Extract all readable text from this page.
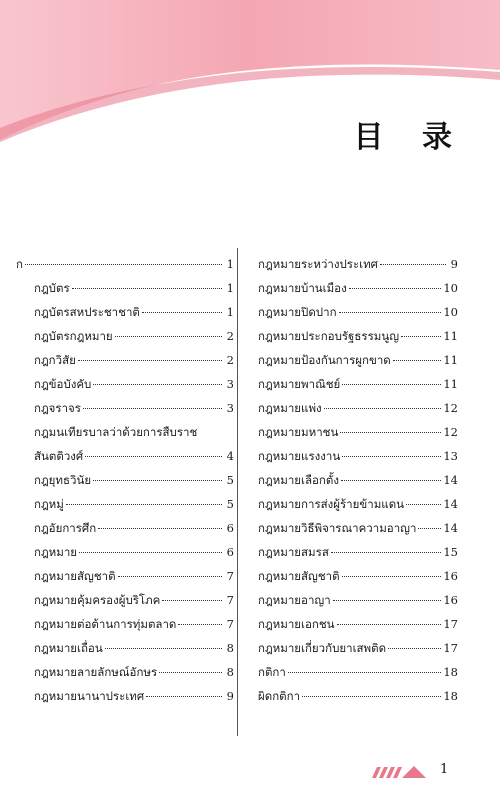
目 录
ก	1
กฎบัตร	1
กฎบัตรสหประชาชาติ	1
กฎบัตรกฎหมาย	2
กฎกวิสัย	2
กฎข้อบังคับ	3
กฎจราจร	3
กฎมนเทียรบาลว่าด้วยการสืบราช
สันตติวงศ์	4
กฎยุทธวินัย	5
กฎหมู่	5
กฎอัยการศึก	6
กฎหมาย	6
กฎหมายสัญชาติ	7
กฎหมายคุ้มครองผู้บริโภค	7
กฎหมายต่อต้านการทุ่มตลาด	7
กฎหมายเถื่อน	8
กฎหมายลายลักษณ์อักษร	8
กฎหมายนานาประเทศ	9
กฎหมายระหว่างประเทศ	9
กฎหมายบ้านเมือง	10
กฎหมายปิดปาก	10
กฎหมายประกอบรัฐธรรมนูญ	11
กฎหมายป้องกันการผูกขาด	11
กฎหมายพาณิชย์	11
กฎหมายแพ่ง	12
กฎหมายมหาชน	12
กฎหมายแรงงาน	13
กฎหมายเลือกตั้ง	14
กฎหมายการส่งผู้ร้ายข้ามแดน	14
กฎหมายวิธีพิจารณาความอาญา 14
กฎหมายสมรส	15
กฎหมายสัญชาติ	16
กฎหมายอาญา	16
กฎหมายเอกชน	17
กฎหมายเกี่ยวกับยาเสพติด	17
กติกา	18
ผิดกติกา	18
1
